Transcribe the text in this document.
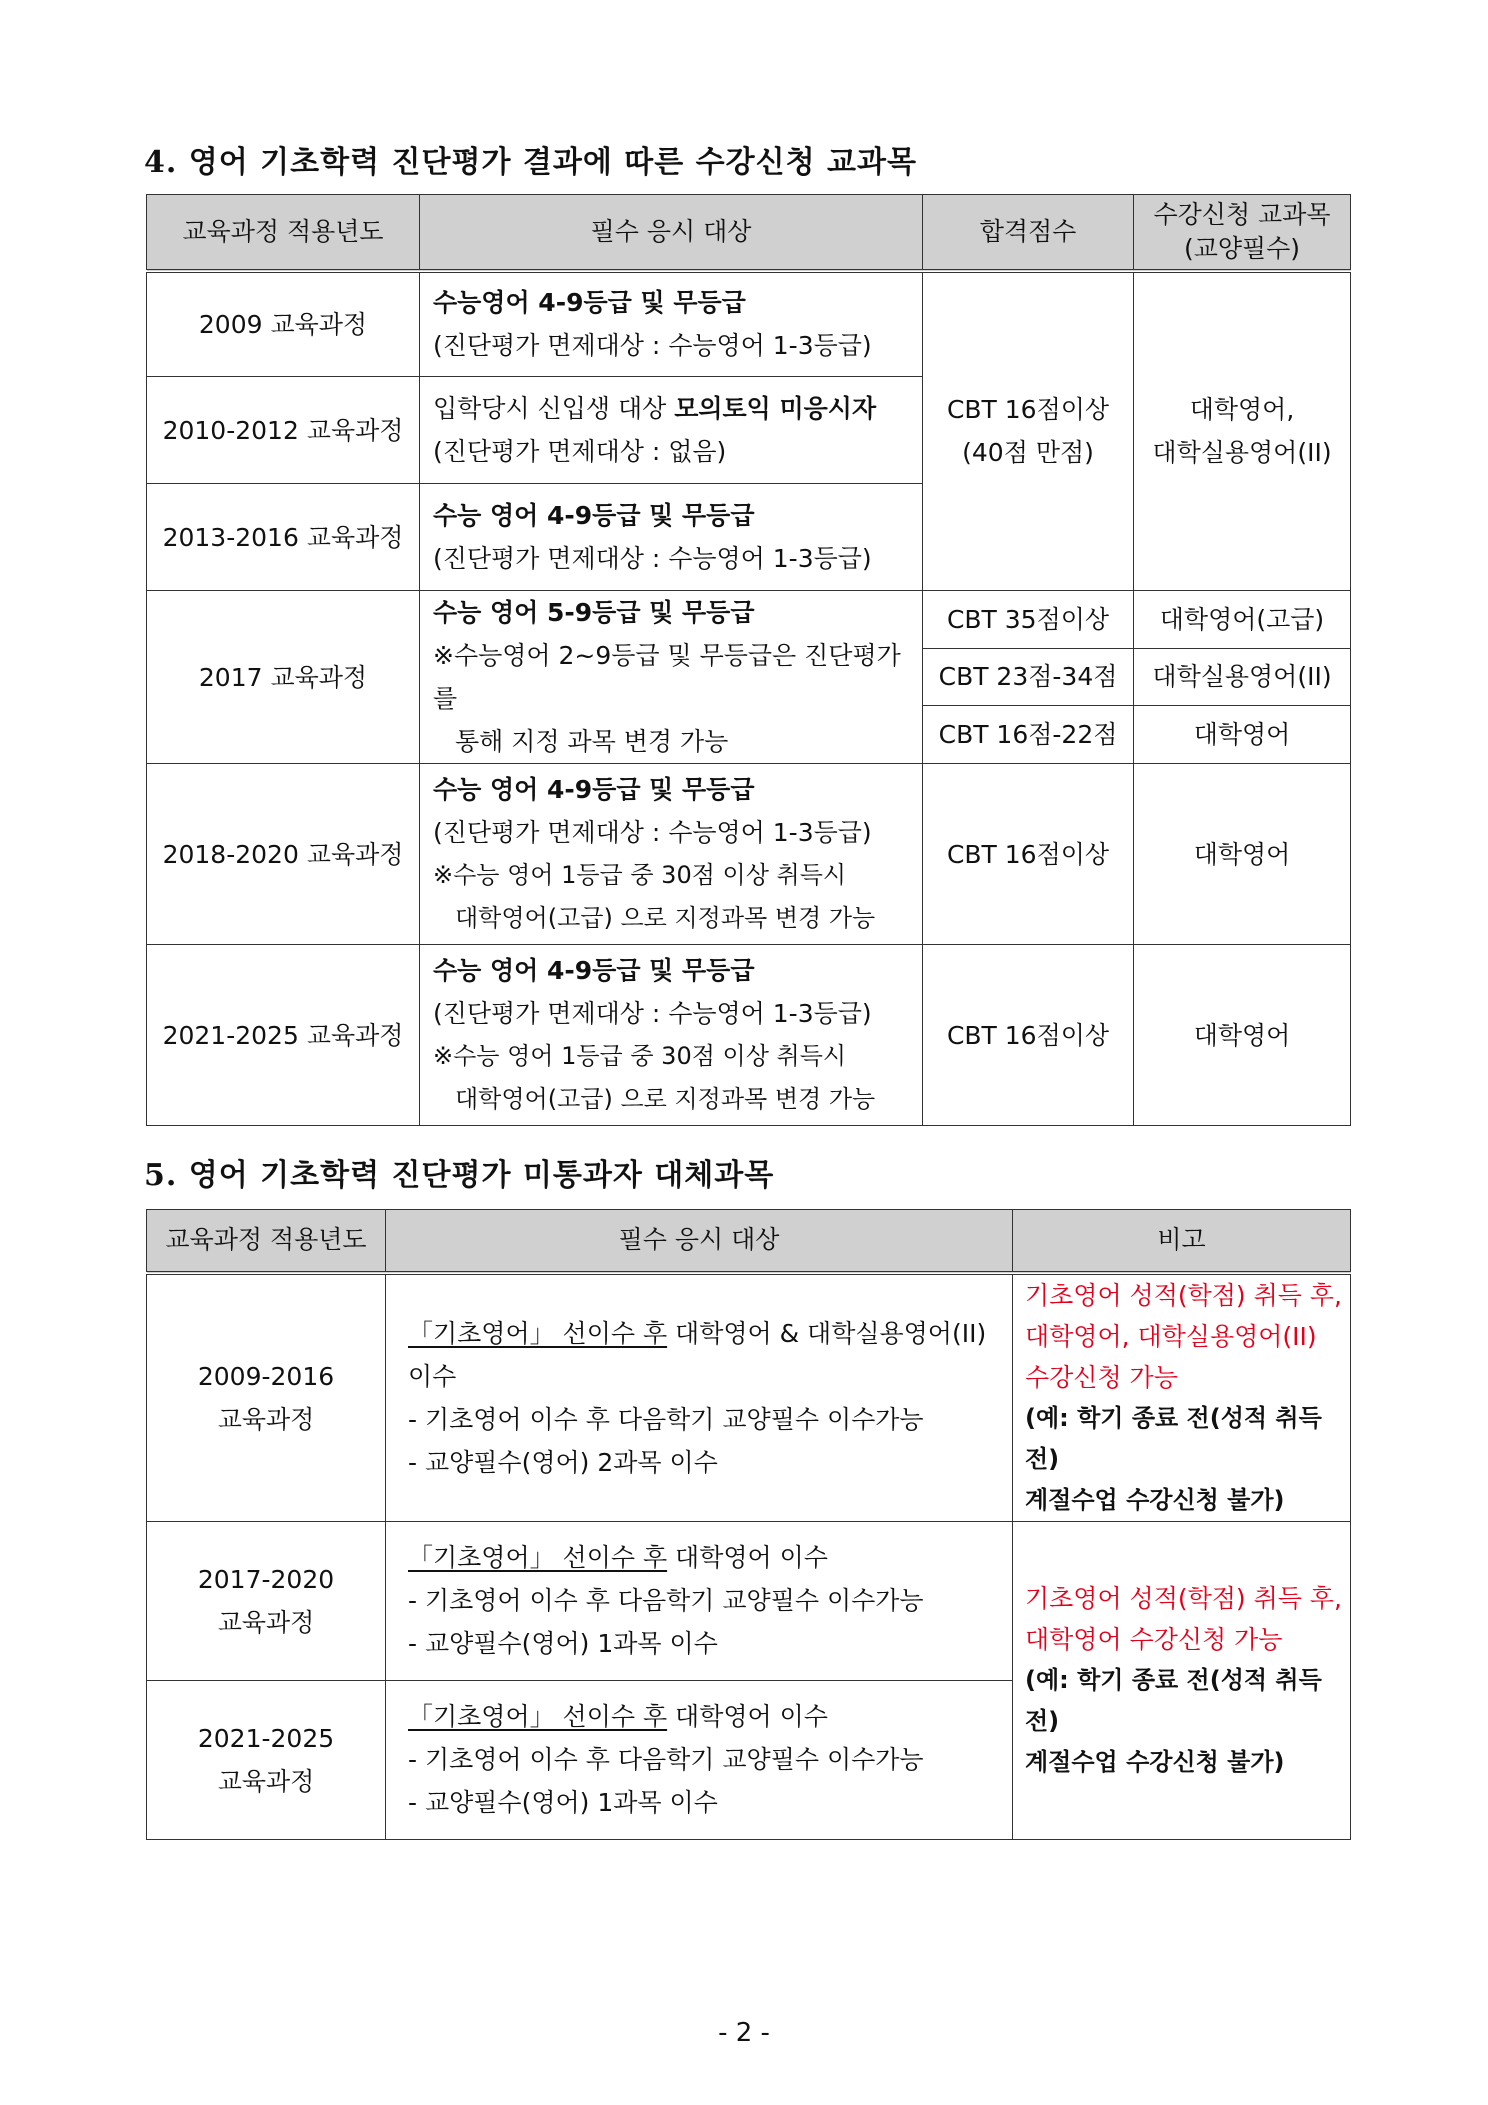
4. 영어 기초학력 진단평가 결과에 따른 수강신청 교과목
교육과정 적용년도	필수 응시 대상	합격점수	수강신청 교과목
(교양필수)

2009 교육과정	수능영어 4-9등급 및 무등급
(진단평가 면제대상 : 수능영어 1-3등급)	CBT 16점이상
(40점 만점)	대학영어,
대학실용영어(II)

2010-2012 교육과정	입학당시 신입생 대상 모의토익 미응시자
(진단평가 면제대상 : 없음)		

2013-2016 교육과정	수능 영어 4-9등급 및 무등급
(진단평가 면제대상 : 수능영어 1-3등급)		

2017 교육과정	수능 영어 5-9등급 및 무등급
※수능영어 2~9등급 및 무등급은 진단평가를
통해 지정 과목 변경 가능	CBT 35점이상	대학영어(고급)
		CBT 23점-34점	대학실용영어(II)
		CBT 16점-22점	대학영어
2018-2020 교육과정	수능 영어 4-9등급 및 무등급
(진단평가 면제대상 : 수능영어 1-3등급)
※수능 영어 1등급 중 30점 이상 취득시
대학영어(고급) 으로 지정과목 변경 가능	CBT 16점이상	대학영어
2021-2025 교육과정	수능 영어 4-9등급 및 무등급
(진단평가 면제대상 : 수능영어 1-3등급)
※수능 영어 1등급 중 30점 이상 취득시
대학영어(고급) 으로 지정과목 변경 가능	CBT 16점이상	대학영어
5. 영어 기초학력 진단평가 미통과자 대체과목
교육과정 적용년도	필수 응시 대상	비고

2009-2016
교육과정	「기초영어」 선이수 후 대학영어 & 대학실용영어(II) 이수
- 기초영어 이수 후 다음학기 교양필수 이수가능
- 교양필수(영어) 2과목 이수	기초영어 성적(학점) 취득 후,
대학영어, 대학실용영어(II)
수강신청 가능
(예: 학기 종료 전(성적 취득 전)
계절수업 수강신청 불가)

2017-2020
교육과정	「기초영어」 선이수 후 대학영어 이수
- 기초영어 이수 후 다음학기 교양필수 이수가능
- 교양필수(영어) 1과목 이수	기초영어 성적(학점) 취득 후,
대학영어 수강신청 가능
(예: 학기 종료 전(성적 취득 전)
계절수업 수강신청 불가)

2021-2025
교육과정	「기초영어」 선이수 후 대학영어 이수
- 기초영어 이수 후 다음학기 교양필수 이수가능
- 교양필수(영어) 1과목 이수	
- 2 -
